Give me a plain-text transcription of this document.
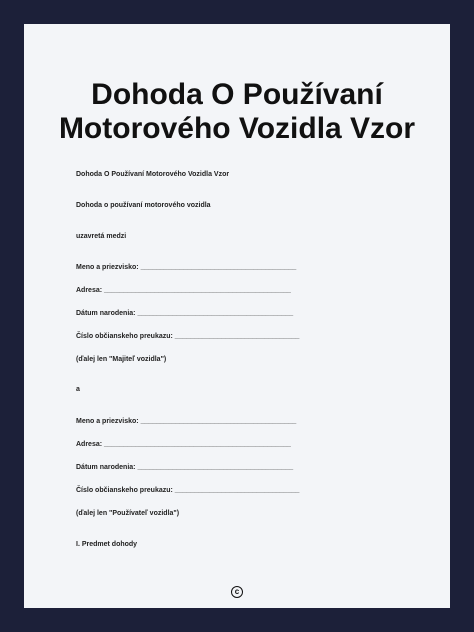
Dohoda O Používaní
Motorového Vozidla Vzor
Dohoda O Používaní Motorového Vozidla Vzor
Dohoda o používaní motorového vozidla
uzavretá medzi
Meno a priezvisko: ________________________________________
Adresa: ________________________________________________
Dátum narodenia: ________________________________________
Číslo občianskeho preukazu: ________________________________
(ďalej len "Majiteľ vozidla")
a
Meno a priezvisko: ________________________________________
Adresa: ________________________________________________
Dátum narodenia: ________________________________________
Číslo občianskeho preukazu: ________________________________
(ďalej len "Používateľ vozidla")
I. Predmet dohody
c
